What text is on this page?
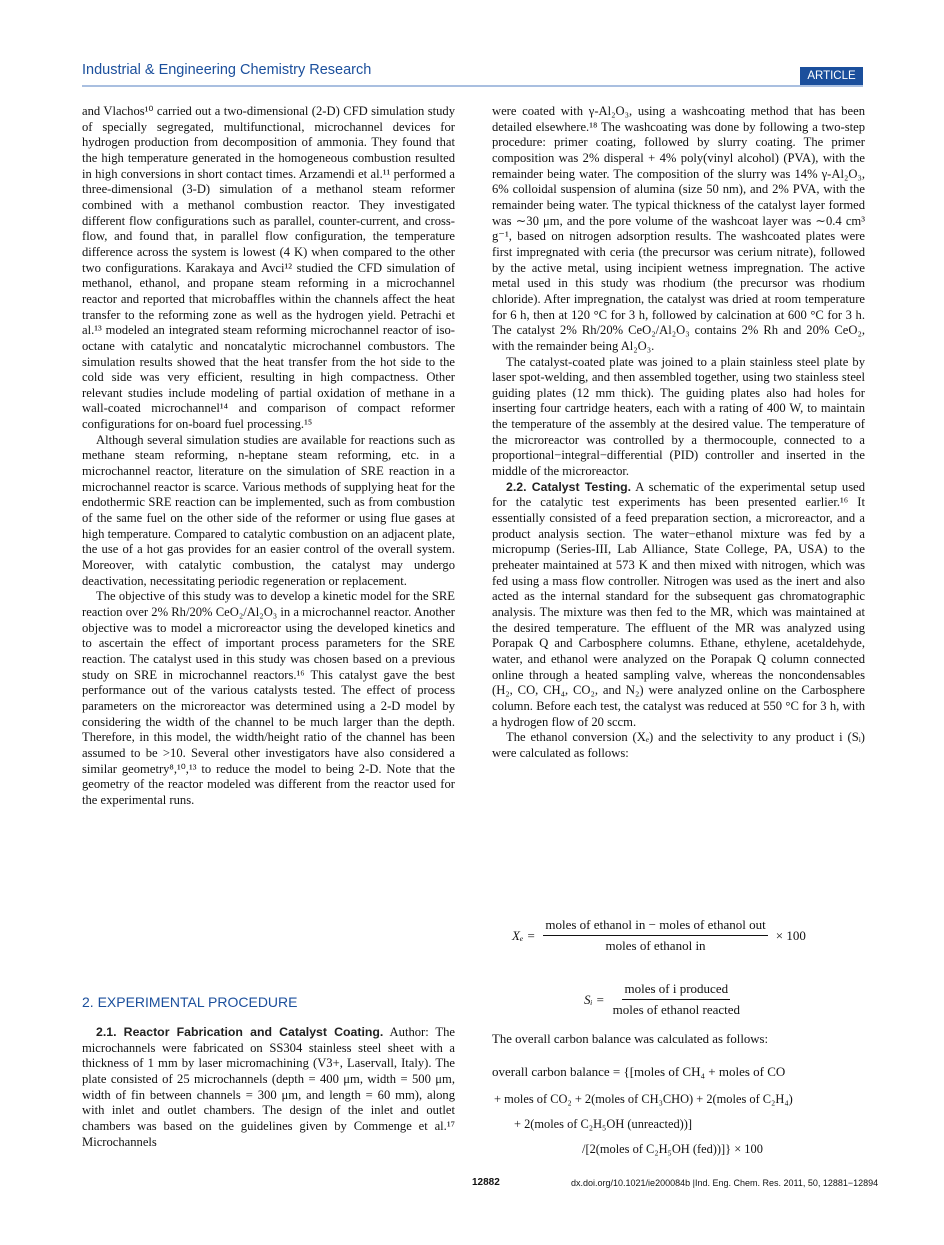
Industrial & Engineering Chemistry Research	ARTICLE

and Vlachos¹⁰ carried out a two-dimensional (2-D) CFD simulation study of specially segregated, multifunctional, microchannel devices for hydrogen production from decomposition of ammonia. They found that the high temperature generated in the homogeneous combustion resulted in high conversions in short contact times. Arzamendi et al.¹¹ performed a three-dimensional (3-D) simulation of a methanol steam reformer combined with a methanol combustion reactor. They investigated different flow configurations such as parallel, counter-current, and cross-flow, and found that, in parallel flow configuration, the temperature difference across the system is lowest (4 K) when compared to the other two configurations. Karakaya and Avci¹² studied the CFD simulation of methanol, ethanol, and propane steam reforming in a microchannel reactor and reported that microbaffles within the channels affect the heat transfer to the reforming zone as well as the hydrogen yield. Petrachi et al.¹³ modeled an integrated steam reforming microchannel reactor of isooctane with catalytic and noncatalytic microchannel combustors. The simulation results showed that the heat transfer from the hot side to the cold side was very efficient, resulting in high compactness. Other relevant studies include modeling of partial oxidation of methane in a wall-coated microchannel¹⁴ and comparison of compact reformer configurations for on-board fuel processing.¹⁵

Although several simulation studies are available for reactions such as methane steam reforming, n-heptane steam reforming, etc. in a microchannel reactor, literature on the simulation of SRE reaction in a microchannel reactor is scarce. Various methods of supplying heat for the endothermic SRE reaction can be implemented, such as from combustion of the same fuel on the other side of the reformer or using flue gases at high temperature. Compared to catalytic combustion on an adjacent plate, the use of a hot gas provides for an easier control of the overall system. Moreover, with catalytic combustion, the catalyst may undergo deactivation, necessitating periodic regeneration or replacement.

The objective of this study was to develop a kinetic model for the SRE reaction over 2% Rh/20% CeO₂/Al₂O₃ in a microchannel reactor. Another objective was to model a microreactor using the developed kinetics and to ascertain the effect of important process parameters for the SRE reaction. The catalyst used in this study was chosen based on a previous study on SRE in microchannel reactors.¹⁶ This catalyst gave the best performance out of the various catalysts tested. The effect of process parameters on the microreactor was determined using a 2-D model by considering the width of the channel to be much larger than the depth. Therefore, in this model, the width/height ratio of the channel has been assumed to be >10. Several other investigators have also considered a similar geometry⁸,¹⁰,¹³ to reduce the model to being 2-D. Note that the geometry of the reactor modeled was different from the reactor used for the experimental runs.

2. EXPERIMENTAL PROCEDURE

2.1. Reactor Fabrication and Catalyst Coating. Author: The microchannels were fabricated on SS304 stainless steel sheet with a thickness of 1 mm by laser micromachining (V3+, Laservall, Italy). The plate consisted of 25 microchannels (depth = 400 μm, width = 500 μm, width of fin between channels = 300 μm, and length = 60 mm), along with inlet and outlet chambers. The design of the inlet and outlet chambers was based on the guidelines given by Commenge et al.¹⁷ Microchannels

were coated with γ-Al₂O₃, using a washcoating method that has been detailed elsewhere.¹⁸ The washcoating was done by following a two-step procedure: primer coating, followed by slurry coating. The primer composition was 2% disperal + 4% poly(vinyl alcohol) (PVA), with the remainder being water. The composition of the slurry was 14% γ-Al₂O₃, 6% colloidal suspension of alumina (size 50 nm), and 2% PVA, with the remainder being water. The typical thickness of the catalyst layer formed was ∼30 μm, and the pore volume of the washcoat layer was ∼0.4 cm³ g⁻¹, based on nitrogen adsorption results. The washcoated plates were first impregnated with ceria (the precursor was cerium nitrate), followed by the active metal, using incipient wetness impregnation. The active metal used in this study was rhodium (the precursor was rhodium chloride). After impregnation, the catalyst was dried at room temperature for 6 h, then at 120 °C for 3 h, followed by calcination at 600 °C for 3 h. The catalyst 2% Rh/20% CeO₂/Al₂O₃ contains 2% Rh and 20% CeO₂, with the remainder being Al₂O₃.

The catalyst-coated plate was joined to a plain stainless steel plate by laser spot-welding, and then assembled together, using two stainless steel guiding plates (12 mm thick). The guiding plates also had holes for inserting four cartridge heaters, each with a rating of 400 W, to maintain the temperature of the assembly at the desired value. The temperature of the microreactor was controlled by a thermocouple, connected to a proportional−integral−differential (PID) controller and inserted in the middle of the microreactor.

2.2. Catalyst Testing. A schematic of the experimental setup used for the catalytic test experiments has been presented earlier.¹⁶ It essentially consisted of a feed preparation section, a microreactor, and a product analysis section. The water−ethanol mixture was fed by a micropump (Series-III, Lab Alliance, State College, PA, USA) to the preheater maintained at 573 K and then mixed with nitrogen, which was fed using a mass flow controller. Nitrogen was used as the inert and also acted as the internal standard for the subsequent gas chromatographic analysis. The mixture was then fed to the MR, which was maintained at the desired temperature. The effluent of the MR was analyzed using Porapak Q and Carbosphere columns. Ethane, ethylene, acetaldehyde, water, and ethanol were analyzed on the Porapak Q column connected online through a heated sampling valve, whereas the noncondensables (H₂, CO, CH₄, CO₂, and N₂) were analyzed online on the Carbosphere column. Before each test, the catalyst was reduced at 550 °C for 3 h, with a hydrogen flow of 20 sccm.

The ethanol conversion (Xₑ) and the selectivity to any product i (Sᵢ) were calculated as follows:

$X_e = \frac{\text{moles of ethanol in − moles of ethanol out}}{\text{moles of ethanol in}} \times 100$
Sᵢ = $\frac{\text{moles of i produced}}{\text{moles of ethanol reacted}}$
The overall carbon balance was calculated as follows:
overall carbon balance = {[moles of CH₄ + moles of CO
+ moles of CO₂ + 2(moles of CH₃CHO) + 2(moles of C₂H₄)
+ 2(moles of C₂H₅OH (unreacted))]
/[2(moles of C₂H₅OH (fed))]} × 100
12882	dx.doi.org/10.1021/ie200084b |Ind. Eng. Chem. Res. 2011, 50, 12881−12894
